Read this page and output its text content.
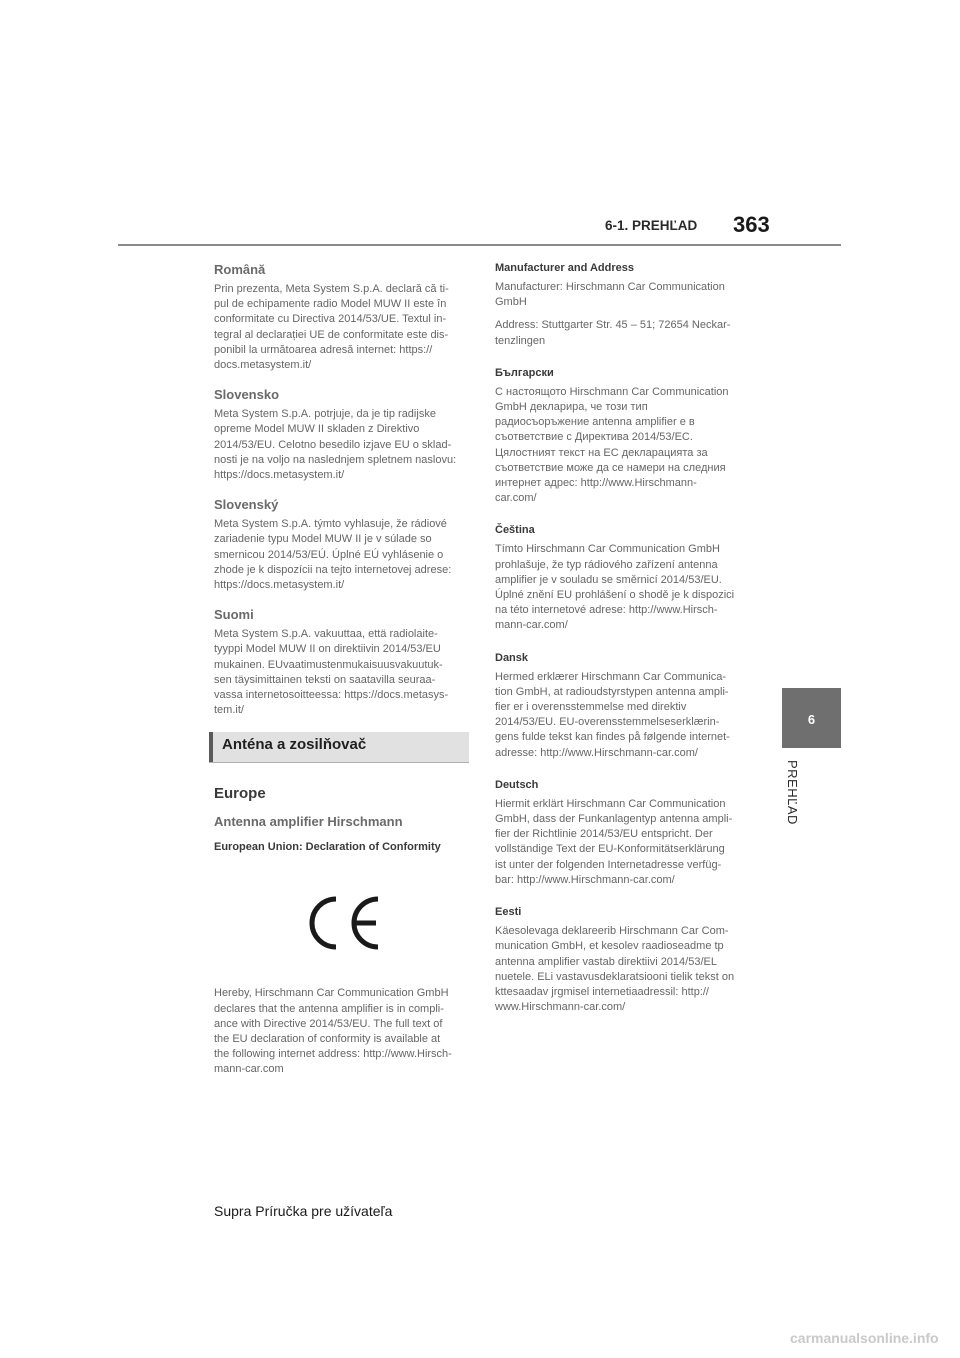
6-1. PREHĽAD 363
6
PREHĽAD
Română
Prin prezenta, Meta System S.p.A. declară că ti-
pul de echipamente radio Model MUW II este în
conformitate cu Directiva 2014/53/UE. Textul in-
tegral al declarației UE de conformitate este dis-
ponibil la următoarea adresă internet: https://
docs.metasystem.it/
Slovensko
Meta System S.p.A. potrjuje, da je tip radijske
opreme Model MUW II skladen z Direktivo
2014/53/EU. Celotno besedilo izjave EU o sklad-
nosti je na voljo na naslednjem spletnem naslovu:
https://docs.metasystem.it/
Slovenský
Meta System S.p.A. týmto vyhlasuje, že rádiové
zariadenie typu Model MUW II je v súlade so
smernicou 2014/53/EÚ. Úplné EÚ vyhlásenie o
zhode je k dispozícii na tejto internetovej adrese:
https://docs.metasystem.it/
Suomi
Meta System S.p.A. vakuuttaa, että radiolaite-
tyyppi Model MUW II on direktiivin 2014/53/EU
mukainen. EUvaatimustenmukaisuusvakuutuk-
sen täysimittainen teksti on saatavilla seuraa-
vassa internetosoitteessa: https://docs.metasys-
tem.it/
Anténa a zosilňovač
Europe
Antenna amplifier Hirschmann
European Union: Declaration of Conformity
Hereby, Hirschmann Car Communication GmbH
declares that the antenna amplifier is in compli-
ance with Directive 2014/53/EU. The full text of
the EU declaration of conformity is available at
the following internet address: http://www.Hirsch-
mann-car.com
Manufacturer and Address
Manufacturer: Hirschmann Car Communication
GmbH
Address: Stuttgarter Str. 45 – 51; 72654 Neckar-
tenzlingen
Български
С настоящото Hirschmann Car Communication
GmbH декларира, че този тип
радиосъоръжение antenna amplifier е в
съответствие с Директива 2014/53/ЕС.
Цялостният текст на ЕС декларацията за
съответствие може да се намери на следния
интернет адрес: http://www.Hirschmann-
car.com/
Čeština
Tímto Hirschmann Car Communication GmbH
prohlašuje, že typ rádiového zařízení antenna
amplifier je v souladu se směrnicí 2014/53/EU.
Úplné znění EU prohlášení o shodě je k dispozici
na této internetové adrese: http://www.Hirsch-
mann-car.com/
Dansk
Hermed erklærer Hirschmann Car Communica-
tion GmbH, at radioudstyrstypen antenna ampli-
fier er i overensstemmelse med direktiv
2014/53/EU. EU-overensstemmelseserklærin-
gens fulde tekst kan findes på følgende internet-
adresse: http://www.Hirschmann-car.com/
Deutsch
Hiermit erklärt Hirschmann Car Communication
GmbH, dass der Funkanlagentyp antenna ampli-
fier der Richtlinie 2014/53/EU entspricht. Der
vollständige Text der EU-Konformitätserklärung
ist unter der folgenden Internetadresse verfüg-
bar: http://www.Hirschmann-car.com/
Eesti
Käesolevaga deklareerib Hirschmann Car Com-
munication GmbH, et kesolev raadioseadme tp
antenna amplifier vastab direktiivi 2014/53/EL
nuetele. ELi vastavusdeklaratsiooni tielik tekst on
kttesaadav jrgmisel internetiaadressil: http://
www.Hirschmann-car.com/
Supra Príručka pre užívateľa
carmanualsonline.info
